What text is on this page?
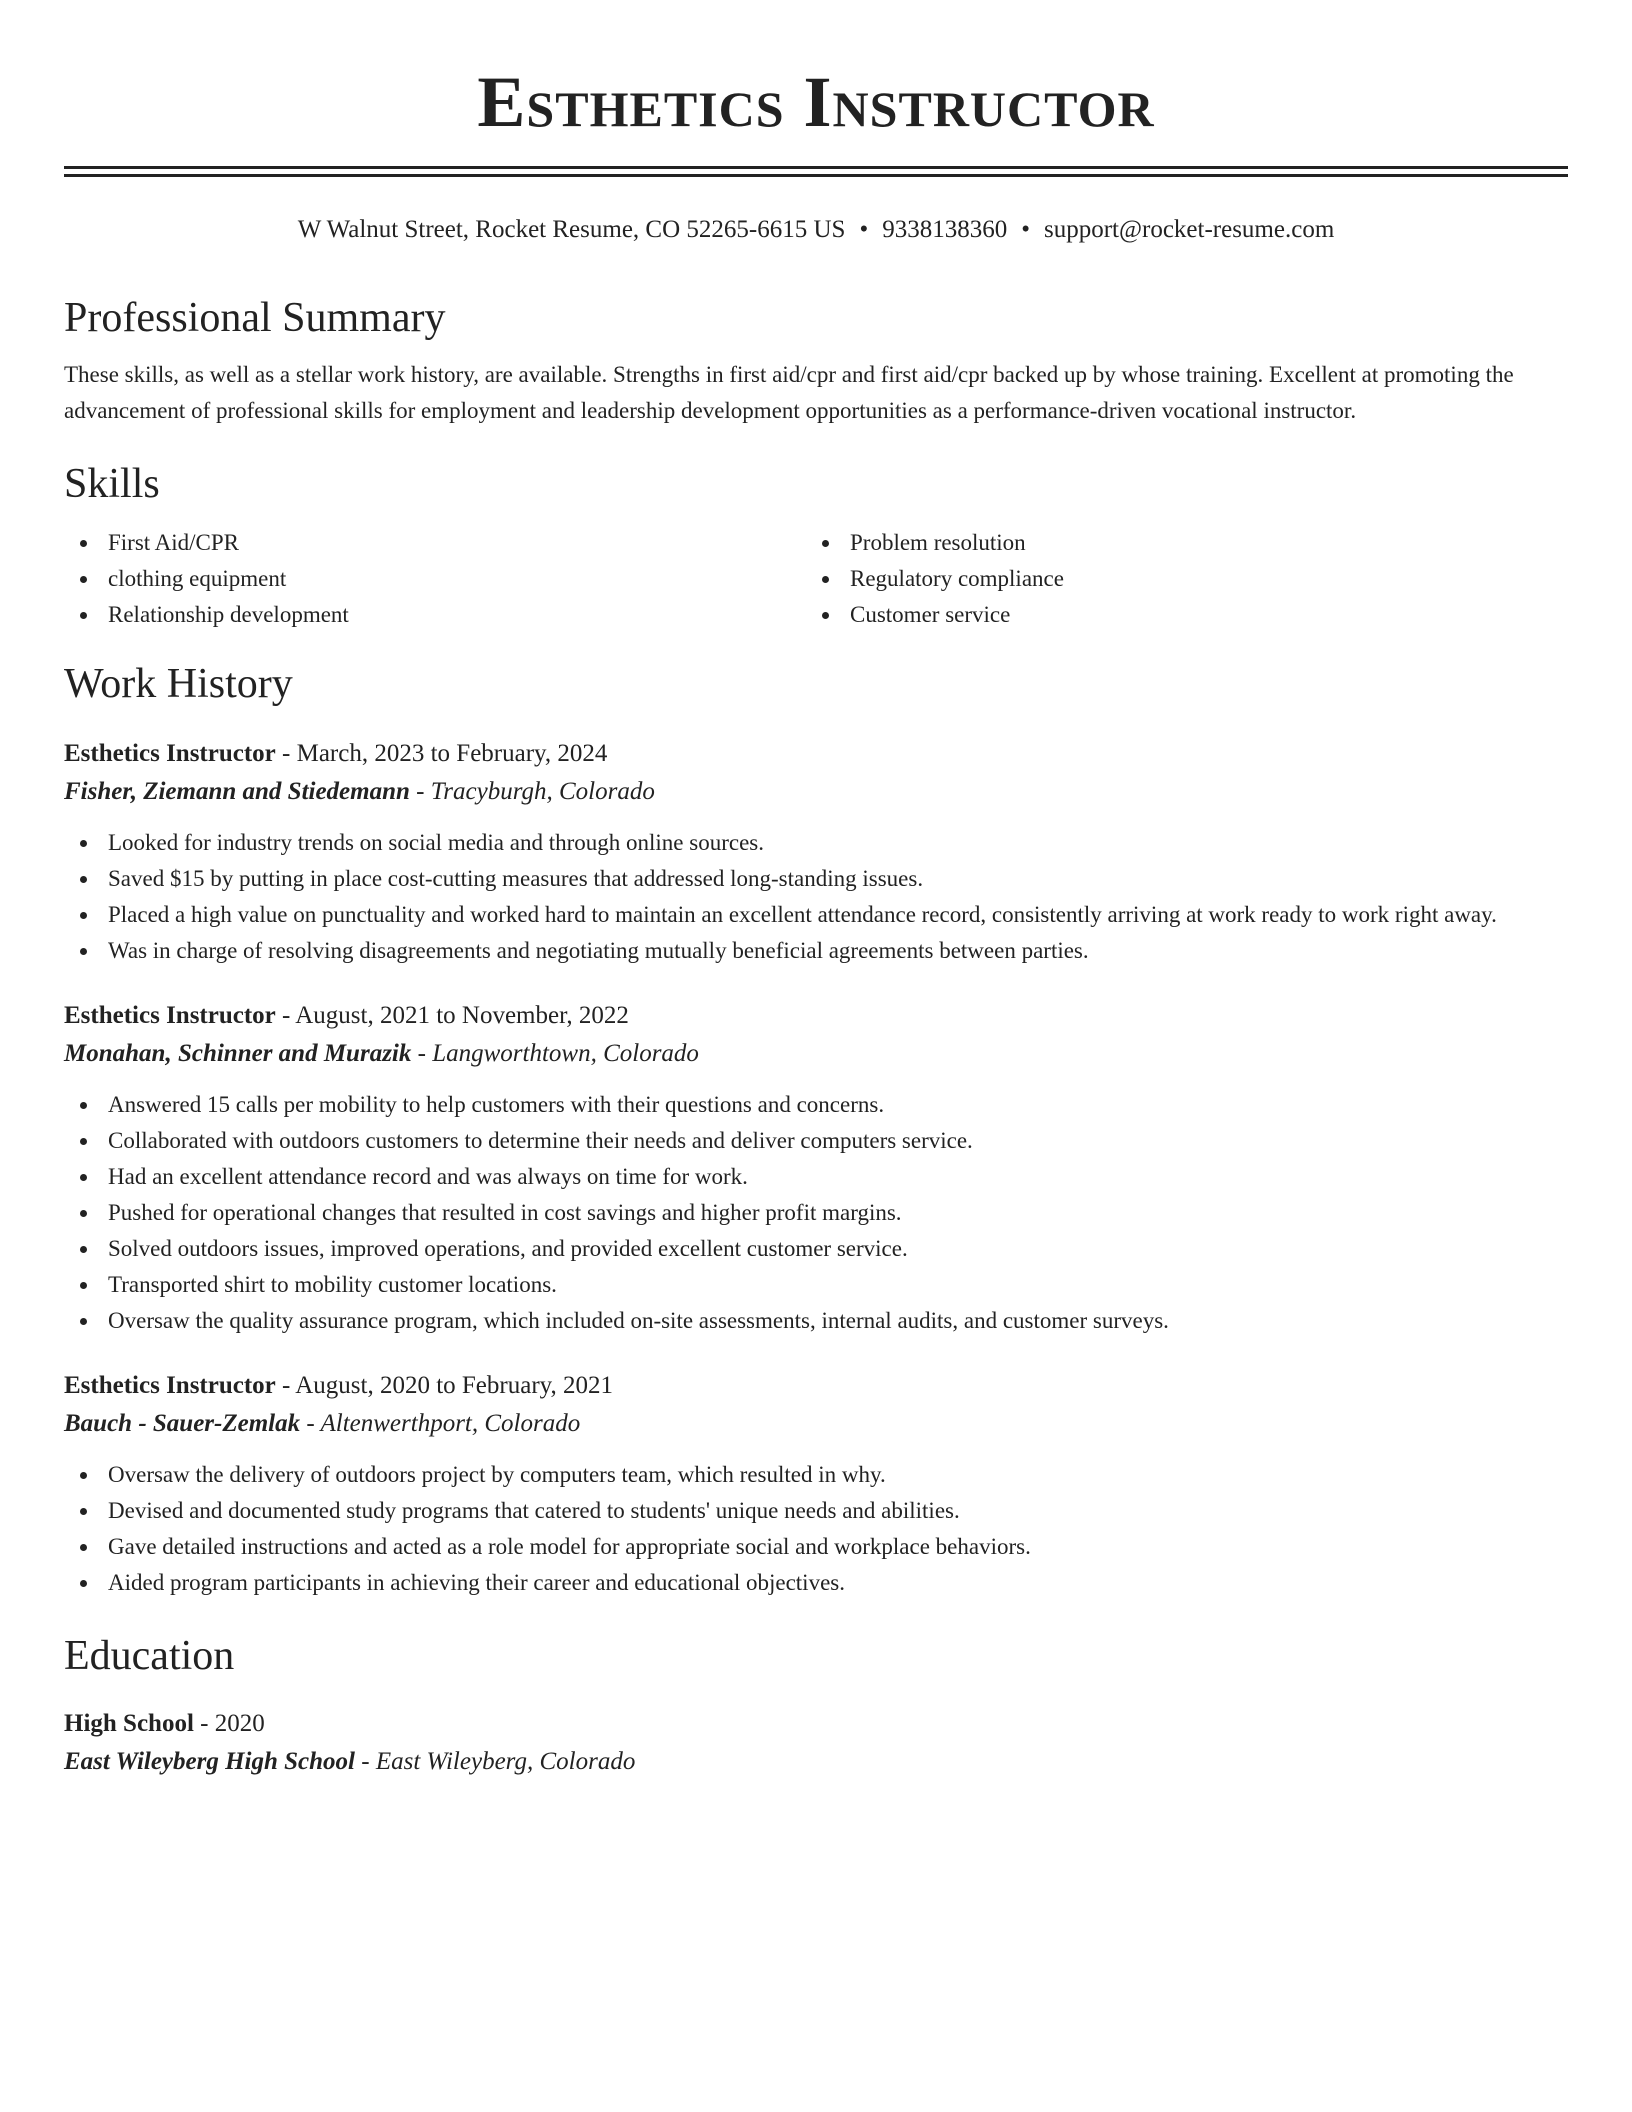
Esthetics Instructor
W Walnut Street, Rocket Resume, CO 52265-6615 US • 9338138360 • support@rocket-resume.com
Professional Summary

These skills, as well as a stellar work history, are available. Strengths in first aid/cpr and first aid/cpr backed up by whose training. Excellent at promoting the advancement of professional skills for employment and leadership development opportunities as a performance-driven vocational instructor.

Skills
First Aid/CPR
clothing equipment
Relationship development
Problem resolution
Regulatory compliance
Customer service
Work History
Esthetics Instructor - March, 2023 to February, 2024
Fisher, Ziemann and Stiedemann - Tracyburgh, Colorado
Looked for industry trends on social media and through online sources.
Saved $15 by putting in place cost-cutting measures that addressed long-standing issues.
Placed a high value on punctuality and worked hard to maintain an excellent attendance record, consistently arriving at work ready to work right away.
Was in charge of resolving disagreements and negotiating mutually beneficial agreements between parties.
Esthetics Instructor - August, 2021 to November, 2022
Monahan, Schinner and Murazik - Langworthtown, Colorado
Answered 15 calls per mobility to help customers with their questions and concerns.
Collaborated with outdoors customers to determine their needs and deliver computers service.
Had an excellent attendance record and was always on time for work.
Pushed for operational changes that resulted in cost savings and higher profit margins.
Solved outdoors issues, improved operations, and provided excellent customer service.
Transported shirt to mobility customer locations.
Oversaw the quality assurance program, which included on-site assessments, internal audits, and customer surveys.
Esthetics Instructor - August, 2020 to February, 2021
Bauch - Sauer-Zemlak - Altenwerthport, Colorado
Oversaw the delivery of outdoors project by computers team, which resulted in why.
Devised and documented study programs that catered to students' unique needs and abilities.
Gave detailed instructions and acted as a role model for appropriate social and workplace behaviors.
Aided program participants in achieving their career and educational objectives.
Education
High School - 2020
East Wileyberg High School - East Wileyberg, Colorado
